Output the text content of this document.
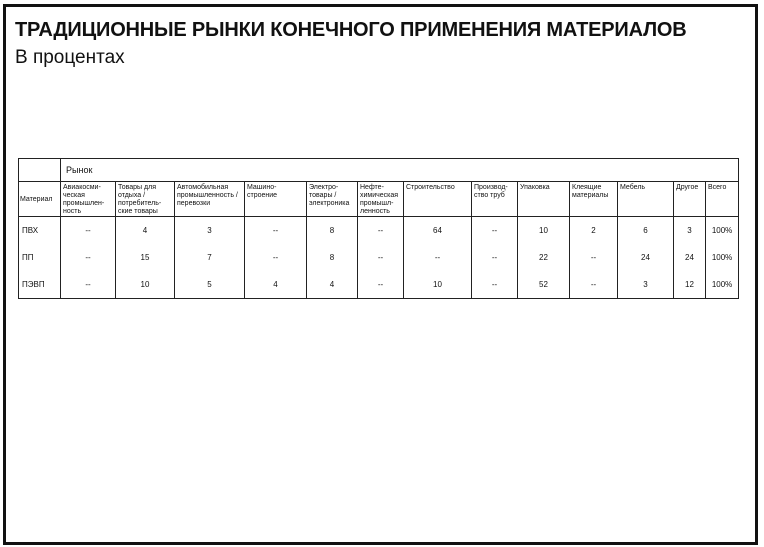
ТРАДИЦИОННЫЕ РЫНКИ КОНЕЧНОГО ПРИМЕНЕНИЯ МАТЕРИАЛОВ
В процентах
	Рынок												
Материал	Авиакосми-
ческая
промышлен-
ность	Товары для
отдыха /
потребитель-
ские товары	Автомобильная
промышленность /
перевозки	Машино-
строение	Электро-
товары /
электроника	Нефте-
химическая
промышл-
ленность	Строительство	Производ-
ство труб	Упаковка	Клеящие
материалы	Мебель	Другое	Всего

ПВХ	--	4	3	--	8	--	64	--	10	2	6	3	100%
ПП	--	15	7	--	8	--	--	--	22	--	24	24	100%
ПЭВП	--	10	5	4	4	--	10	--	52	--	3	12	100%
